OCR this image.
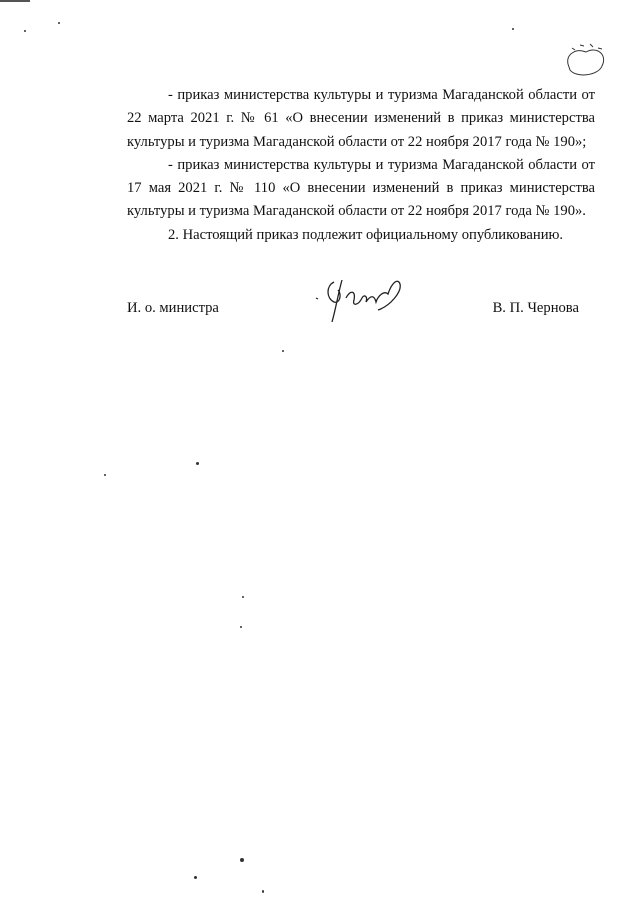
- приказ министерства культуры и туризма Магаданской области от 22 марта 2021 г. № 61 «О внесении изменений в приказ министерства культуры и туризма Магаданской области от 22 ноября 2017 года № 190»;

- приказ министерства культуры и туризма Магаданской области от 17 мая 2021 г. № 110 «О внесении изменений в приказ министерства культуры и туризма Магаданской области от 22 ноября 2017 года № 190».

2. Настоящий приказ подлежит официальному опубликованию.

И. о. министра	В. П. Чернова
